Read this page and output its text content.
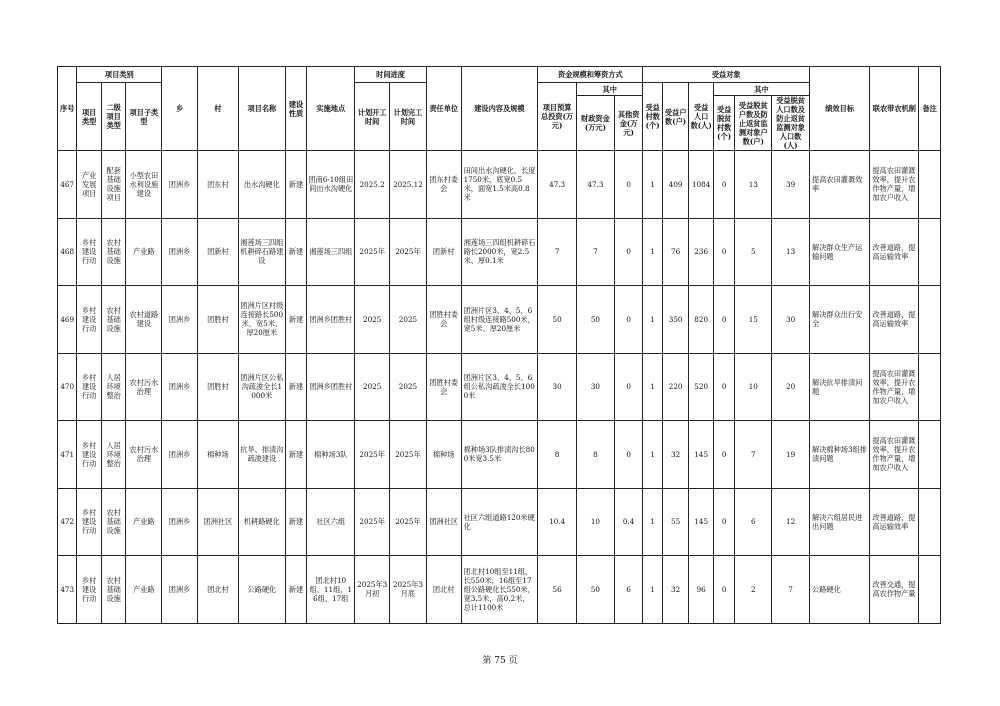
序号	项目类别			乡	村	项目名称	建设性质	实施地点	时间进度		责任单位	建设内容及规模	资金规模和筹资方式			受益对象						绩效目标	联农带农机制	备注
	项目类型	二级项目类型	项目子类型						计划开工时间	计划完工时间			项目预算总投资(万元)	其中		受益村数(个)	受益户数(户)	受益人口数(人)	其中					
														财政资金(万元)	其他资金(万元)				受益脱贫村数(个)	受益脱贫户数及防止返贫监测对象户数(户)	受益脱贫人口数及防止返贫监测对象人口数(人)			
467	产业发展项目	配套基础设施项目	小型农田水利设施建设	团洲乡	团东村	出水沟硬化	新建	团南6-10组田间出水沟硬化	2025.2	2025.12	团东村委会	田间出水沟硬化，长度1750米，底宽0.5米，面宽1.5米高0.8米	47.3	47.3	0	1	409	1084	0	13	39	提高农田灌溉效率	提高农田灌溉效率，提升农作物产量，增加农户收入	
468	乡村建设行动	农村基础设施	产业路	团洲乡	团新村	湘莲场三四组机耕碎石路建设	新建	湘莲场三四组	2025年	2025年	团新村	湘莲场三四组机耕碎石路长2000米，宽2.5米、厚0.1米	7	7	0	1	76	236	0	5	13	解决群众生产运输问题	改善道路，提高运输效率	
469	乡村建设行动	农村基础设施	农村道路建设	团洲乡	团胜村	团洲片区村级连接路长500米，宽5米、厚20厘米	新建	团洲乡团胜村	2025	2025	团胜村委会	团洲片区3、4、5、6组村级连接路500米，宽5米、厚20厘米	50	50	0	1	350	820	0	15	30	解决群众出行安全	改善道路，提高运输效率	
470	乡村建设行动	人居环境整治	农村污水治理	团洲乡	团胜村	团洲片区公私沟疏浚全长1000米	新建	团洲乡团胜村	2025	2025	团胜村委会	团洲片区3、4、5、6组公私沟疏浚全长1000米	30	30	0	1	220	520	0	10	20	解决抗旱排渍问题	提高农田灌溉效率，提升农作物产量，增加农户收入	
471	乡村建设行动	人居环境整治	农村污水治理	团洲乡	棉种场	抗旱、排渍沟疏浚建设	新建	棉种场3队	2025年	2025年	棉种场	棉种场3队排渍沟长800米宽3.5米	8	8	0	1	32	145	0	7	19	解决棉种场3组排渍问题	提高农田灌溉效率，提升农作物产量，增加农户收入	
472	乡村建设行动	农村基础设施	产业路	团洲乡	团洲社区	机耕路硬化	新建	社区六组	2025年	2025年	团洲社区	社区六组道路120米硬化	10.4	10	0.4	1	55	145	0	6	12	解决六组居民进出问题	改善道路，提高运输效率	
473	乡村建设行动	农村基础设施	产业路	团洲乡	团北村	公路硬化	新建	团北村10组、11组、16组、17组	2025年3月初	2025年3月底	团北村	团北村10组至11组，长550米，16组至17组公路硬化长550米，宽3.5米，高0.2米，总计1100米	56	50	6	1	32	96	0	2	7	公路硬化	改善交通，提高农作物产量	
第 75 页
